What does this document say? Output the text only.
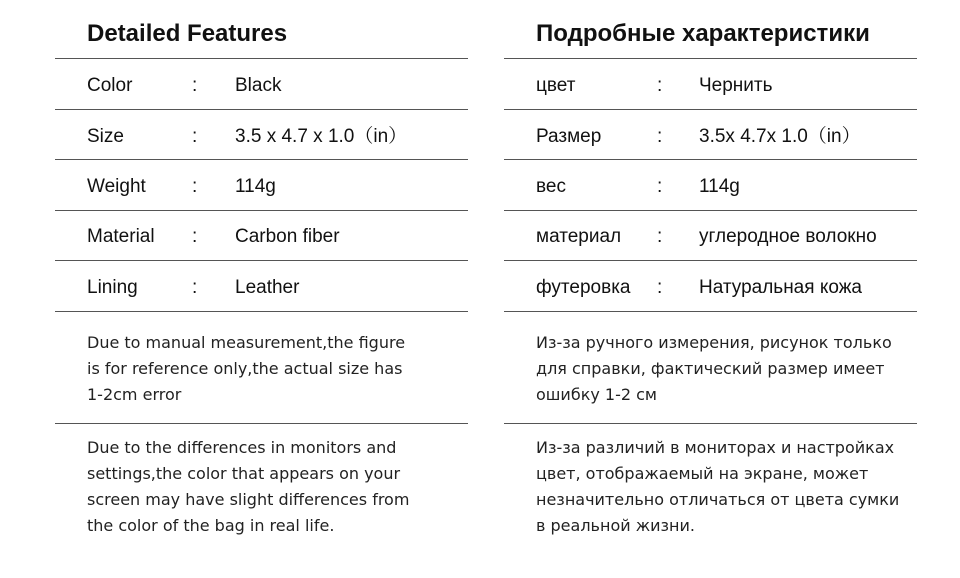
Detailed Features
Color	: Black
Size	: 3.5 x 4.7 x 1.0（in）
Weight : 114g
Material : Carbon fiber
Lining	: Leather
Due to manual measurement,the figure
is for reference only,the actual size has
1-2cm error
Due to the differences in monitors and
settings,the color that appears on your
screen may have slight differences from
the color of the bag in real life.
Подробные характеристики
цвет	: Чернить
Размер	: 3.5x 4.7x 1.0（in）
вес	: 114g
материал : углеродное волокно
футеровка : Натуральная кожа
Из-за ручного измерения, рисунок только
для справки, фактический размер имеет
ошибку 1-2 см
Из-за различий в мониторах и настройках
цвет, отображаемый на экране, может
незначительно отличаться от цвета сумки
в реальной жизни.
